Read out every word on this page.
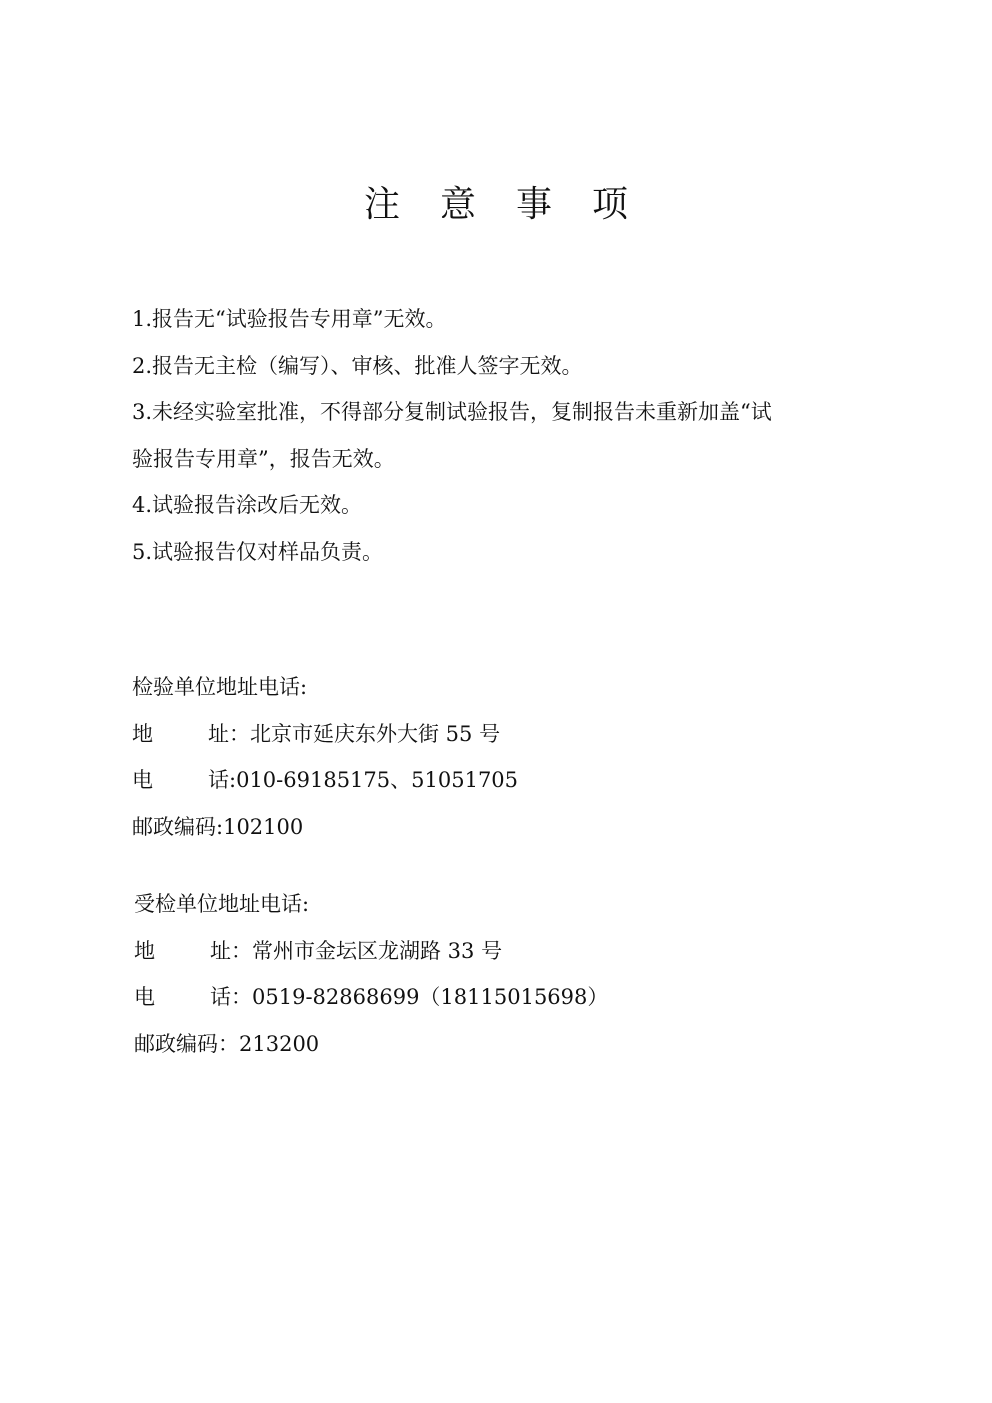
注 意 事 项

1.报告无“试验报告专用章”无效。

2.报告无主检（编写）、审核、批准人签字无效。

3.未经实验室批准，不得部分复制试验报告，复制报告未重新加盖“试

验报告专用章”，报告无效。

4.试验报告涂改后无效。

5.试验报告仅对样品负责。

检验单位地址电话:
地	址： 北京市延庆东外大街 55 号
电	话: 010-69185175、51051705
邮政编码: 102100
受检单位地址电话:
地	址： 常州市金坛区龙湖路 33 号
电	话： 0519-82868699（18115015698）
邮政编码： 213200
